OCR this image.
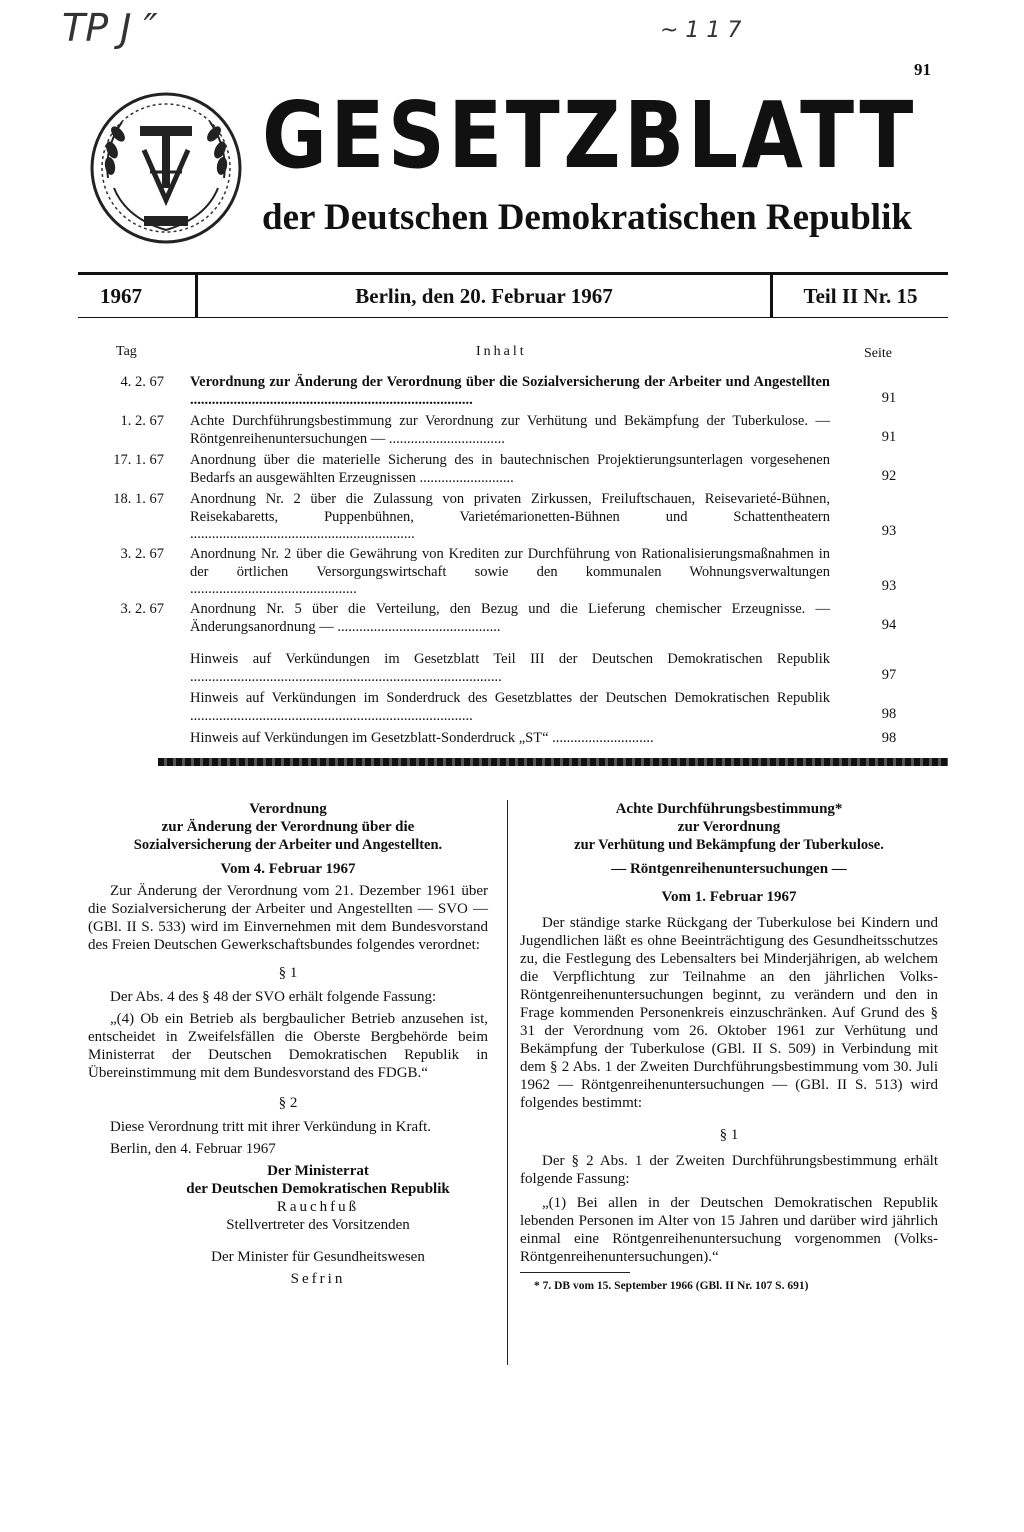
TP J ″	~ 1 1 7
91
GESETZBLATT
der Deutschen Demokratischen Republik
1967	Berlin, den 20. Februar 1967	Teil II Nr. 15
Tag	Inhalt	Seite
4. 2. 67 Verordnung zur Änderung der Verordnung über die Sozialversicherung der Arbeiter und Angestellten ..............................................................................	91
1. 2. 67 Achte Durchführungsbestimmung zur Verordnung zur Verhütung und Bekämpfung der Tuberkulose. — Röntgenreihenuntersuchungen — ................................	91
17. 1. 67 Anordnung über die materielle Sicherung des in bautechnischen Projektierungsunterlagen vorgesehenen Bedarfs an ausgewählten Erzeugnissen ..........................	92
18. 1. 67 Anordnung Nr. 2 über die Zulassung von privaten Zirkussen, Freiluftschauen, Reisevarieté-Bühnen, Reisekabaretts, Puppenbühnen, Varietémarionetten-Bühnen und Schattentheatern ..............................................................	93
3. 2. 67 Anordnung Nr. 2 über die Gewährung von Krediten zur Durchführung von Rationalisierungsmaßnahmen in der örtlichen Versorgungswirtschaft sowie den kommunalen Wohnungsverwaltungen ..............................................	93
3. 2. 67 Anordnung Nr. 5 über die Verteilung, den Bezug und die Lieferung chemischer Erzeugnisse. — Änderungsanordnung — .............................................	94
Hinweis auf Verkündungen im Gesetzblatt Teil III der Deutschen Demokratischen Republik ......................................................................................	97
Hinweis auf Verkündungen im Sonderdruck des Gesetzblattes der Deutschen Demokratischen Republik ..............................................................................	98
Hinweis auf Verkündungen im Gesetzblatt-Sonderdruck „ST“ ............................	98
Verordnung
zur Änderung der Verordnung über die
Sozialversicherung der Arbeiter und Angestellten.
Vom 4. Februar 1967
Zur Änderung der Verordnung vom 21. Dezember 1961 über die Sozialversicherung der Arbeiter und Angestellten — SVO — (GBl. II S. 533) wird im Einvernehmen mit dem Bundesvorstand des Freien Deutschen Gewerkschaftsbundes folgendes verordnet:
§ 1
Der Abs. 4 des § 48 der SVO erhält folgende Fassung:
„(4) Ob ein Betrieb als bergbaulicher Betrieb anzusehen ist, entscheidet in Zweifelsfällen die Oberste Bergbehörde beim Ministerrat der Deutschen Demokratischen Republik in Übereinstimmung mit dem Bundesvorstand des FDGB.“
§ 2
Diese Verordnung tritt mit ihrer Verkündung in Kraft.
Berlin, den 4. Februar 1967
Der Ministerrat
der Deutschen Demokratischen Republik
Rauchfuß
Stellvertreter des Vorsitzenden
Der Minister für Gesundheitswesen
Sefrin
Achte Durchführungsbestimmung*
zur Verordnung
zur Verhütung und Bekämpfung der Tuberkulose.
— Röntgenreihenuntersuchungen —
Vom 1. Februar 1967
Der ständige starke Rückgang der Tuberkulose bei Kindern und Jugendlichen läßt es ohne Beeinträchtigung des Gesundheitsschutzes zu, die Festlegung des Lebensalters bei Minderjährigen, ab welchem die Verpflichtung zur Teilnahme an den jährlichen Volks-Röntgenreihenuntersuchungen beginnt, zu verändern und den in Frage kommenden Personenkreis einzuschränken. Auf Grund des § 31 der Verordnung vom 26. Oktober 1961 zur Verhütung und Bekämpfung der Tuberkulose (GBl. II S. 509) in Verbindung mit dem § 2 Abs. 1 der Zweiten Durchführungsbestimmung vom 30. Juli 1962 — Röntgenreihenuntersuchungen — (GBl. II S. 513) wird folgendes bestimmt:
§ 1
Der § 2 Abs. 1 der Zweiten Durchführungsbestimmung erhält folgende Fassung:
„(1) Bei allen in der Deutschen Demokratischen Republik lebenden Personen im Alter von 15 Jahren und darüber wird jährlich einmal eine Röntgenreihenuntersuchung vorgenommen (Volks-Röntgenreihenuntersuchungen).“
* 7. DB vom 15. September 1966 (GBl. II Nr. 107 S. 691)
